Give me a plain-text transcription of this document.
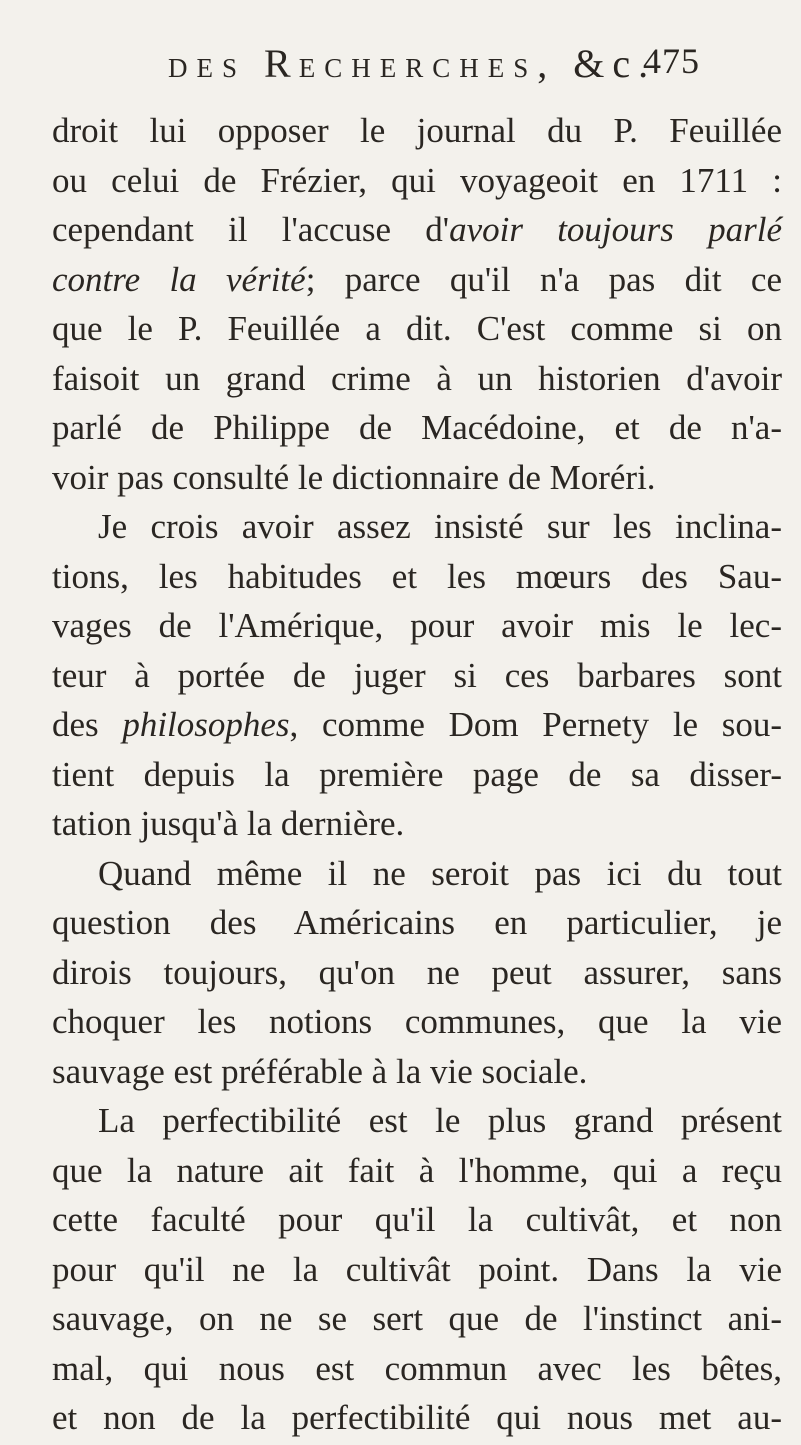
DES RECHERCHES, &c.
475
droit lui opposer le journal du P. Feuillée
ou celui de Frézier, qui voyageoit en 1711 :
cependant il l'accuse d'avoir toujours parlé
contre la vérité; parce qu'il n'a pas dit ce
que le P. Feuillée a dit. C'est comme si on
faisoit un grand crime à un historien d'avoir
parlé de Philippe de Macédoine, et de n'a-
voir pas consulté le dictionnaire de Moréri.
Je crois avoir assez insisté sur les inclina-
tions, les habitudes et les mœurs des Sau-
vages de l'Amérique, pour avoir mis le lec-
teur à portée de juger si ces barbares sont
des philosophes, comme Dom Pernety le sou-
tient depuis la première page de sa disser-
tation jusqu'à la dernière.
Quand même il ne seroit pas ici du tout
question des Américains en particulier, je
dirois toujours, qu'on ne peut assurer, sans
choquer les notions communes, que la vie
sauvage est préférable à la vie sociale.
La perfectibilité est le plus grand présent
que la nature ait fait à l'homme, qui a reçu
cette faculté pour qu'il la cultivât, et non
pour qu'il ne la cultivât point. Dans la vie
sauvage, on ne se sert que de l'instinct ani-
mal, qui nous est commun avec les bêtes,
et non de la perfectibilité qui nous met au-
